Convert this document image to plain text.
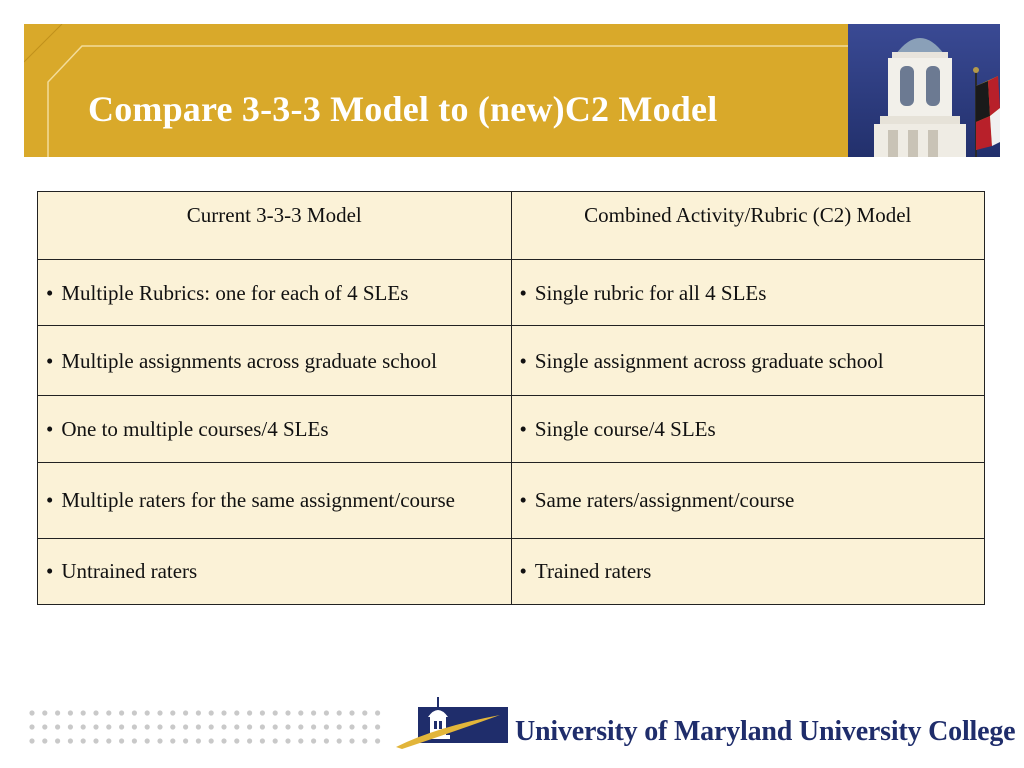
Compare 3-3-3 Model to (new)C2 Model
Current 3-3-3 Model	Combined Activity/Rubric (C2) Model
• Multiple Rubrics: one for each of 4 SLEs	• Single rubric for all 4 SLEs
• Multiple assignments across graduate school	• Single assignment across graduate school
• One to multiple courses/4 SLEs	• Single course/4 SLEs
• Multiple raters for the same assignment/course	• Same raters/assignment/course
• Untrained raters	• Trained raters
University of Maryland University College
